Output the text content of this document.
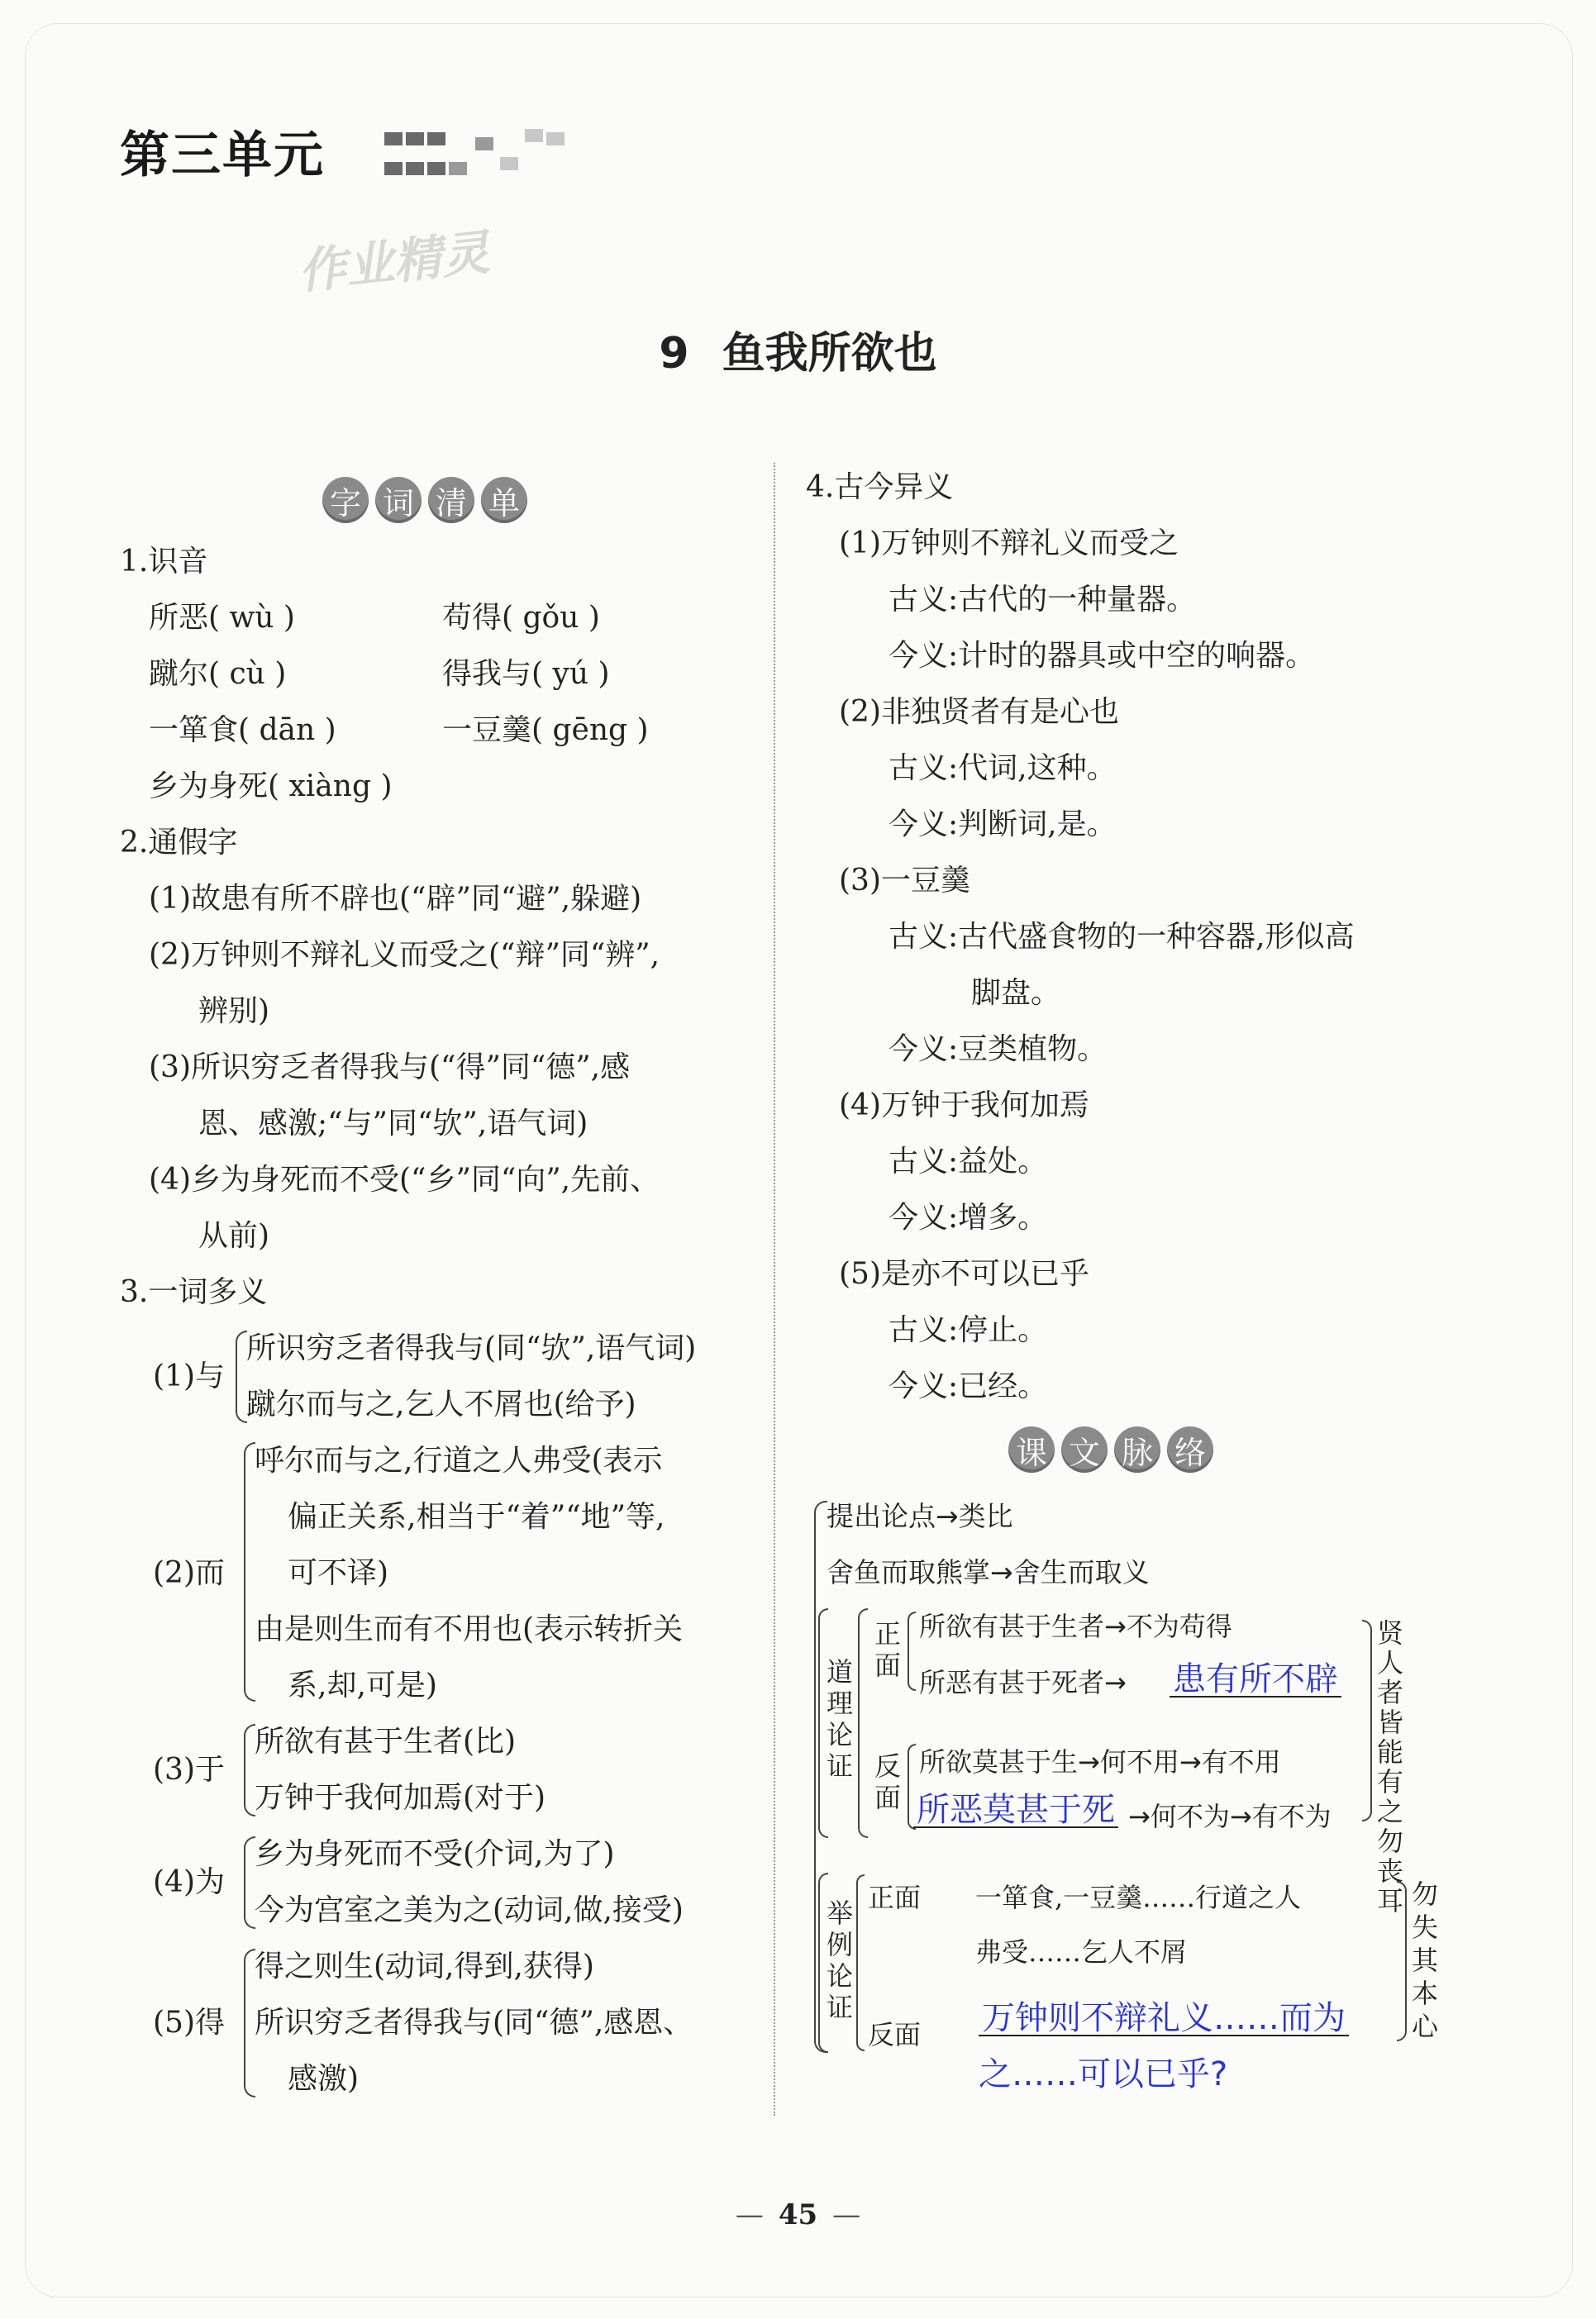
第三单元
作业精灵
9 鱼我所欲也
字 词 清 单
1.识音
所恶( wù )	苟得( gǒu )
蹴尔( cù )	得我与( yú )
一箪食( dān )	一豆羹( gēng )
乡为身死( xiàng )
2.通假字
(1)故患有所不辟也(“辟”同“避”,躲避)
(2)万钟则不辩礼义而受之(“辩”同“辨”,
辨别)
(3)所识穷乏者得我与(“得”同“德”,感
恩、感激;“与”同“欤”,语气词)
(4)乡为身死而不受(“乡”同“向”,先前、
从前)
3.一词多义
(1)与
所识穷乏者得我与(同“欤”,语气词)
蹴尔而与之,乞人不屑也(给予)
(2)而
呼尔而与之,行道之人弗受(表示
偏正关系,相当于“着”“地”等,
可不译)
由是则生而有不用也(表示转折关
系,却,可是)
(3)于
所欲有甚于生者(比)
万钟于我何加焉(对于)
(4)为
乡为身死而不受(介词,为了)
今为宫室之美为之(动词,做,接受)
(5)得
得之则生(动词,得到,获得)
所识穷乏者得我与(同“德”,感恩、
感激)
4.古今异义
(1)万钟则不辩礼义而受之
古义:古代的一种量器。
今义:计时的器具或中空的响器。
(2)非独贤者有是心也
古义:代词,这种。
今义:判断词,是。
(3)一豆羹
古义:古代盛食物的一种容器,形似高
脚盘。
今义:豆类植物。
(4)万钟于我何加焉
古义:益处。
今义:增多。
(5)是亦不可以已乎
古义:停止。
今义:已经。
课 文 脉 络
提出论点→类比
舍鱼而取熊掌→舍生而取义
道理论证
正面
所欲有甚于生者→不为苟得
所恶有甚于死者→ 患有所不辟
反面
所欲莫甚于生→何不用→有不用
所恶莫甚于死 →何不为→有不为
贤人者皆能有之勿丧耳
举例论证
正面 一箪食,一豆羹……行道之人
弗受……乞人不屑
反面 万钟则不辩礼义……而为
之……可以已乎?
勿失其本心
— 45 —
